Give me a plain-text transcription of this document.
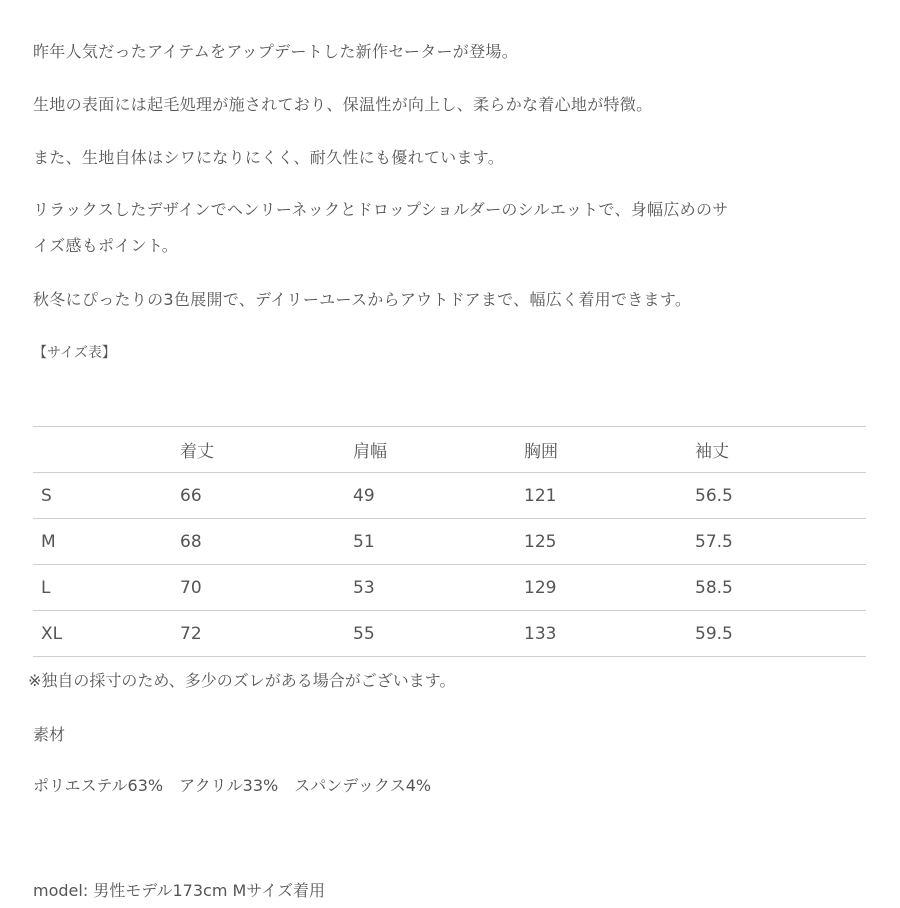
昨年人気だったアイテムをアップデートした新作セーターが登場。

生地の表面には起毛処理が施されており、保温性が向上し、柔らかな着心地が特徴。

また、生地自体はシワになりにくく、耐久性にも優れています。

リラックスしたデザインでヘンリーネックとドロップショルダーのシルエットで、身幅広めのサ
イズ感もポイント。

秋冬にぴったりの3色展開で、デイリーユースからアウトドアまで、幅広く着用できます。

【サイズ表】
	着丈	肩幅	胸囲	袖丈
S	66	49	121	56.5
M	68	51	125	57.5
L	70	53	129	58.5
XL	72	55	133	59.5
※独自の採寸のため、多少のズレがある場合がございます。
素材
ポリエステル63%　アクリル33%　スパンデックス4%
model: 男性モデル173cm Mサイズ着用
